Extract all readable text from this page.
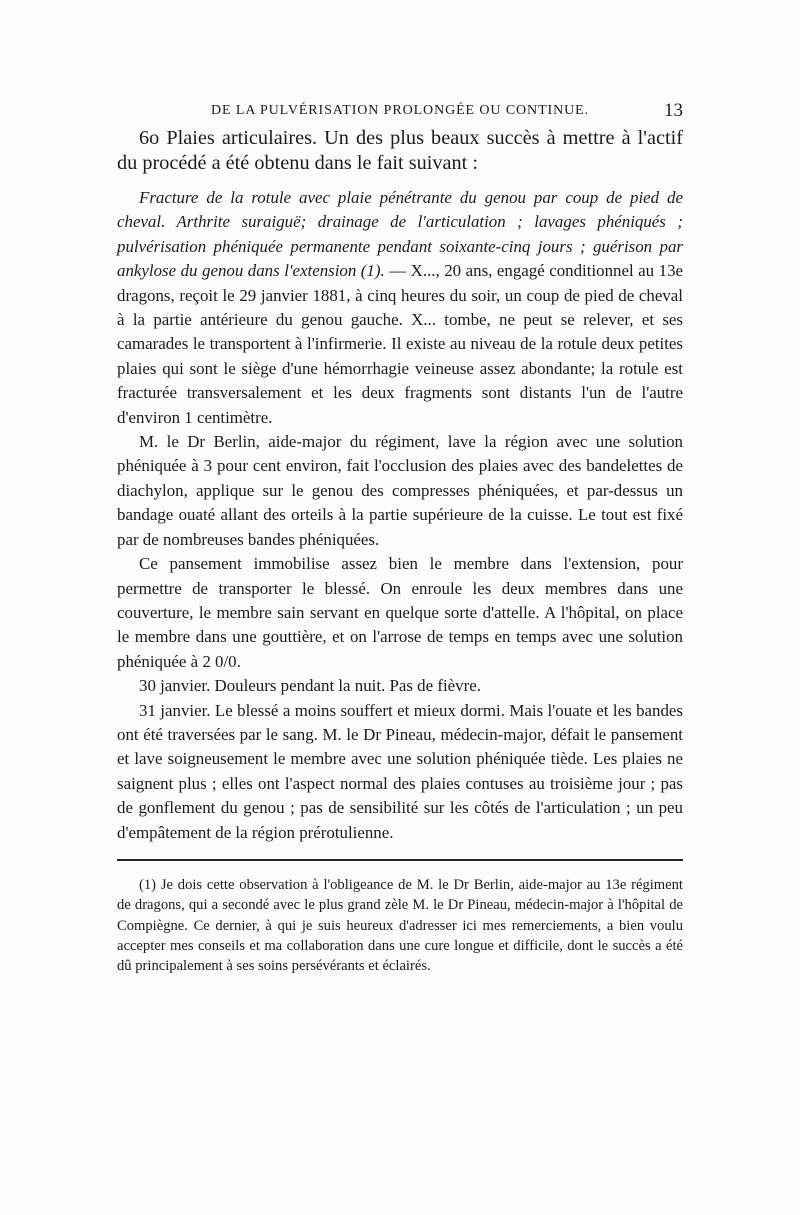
DE LA PULVÉRISATION PROLONGÉE OU CONTINUE.	13

6o Plaies articulaires. Un des plus beaux succès à mettre à l'actif du procédé a été obtenu dans le fait suivant :

Fracture de la rotule avec plaie pénétrante du genou par coup de pied de cheval. Arthrite suraiguë; drainage de l'articulation ; lavages phéniqués ; pulvérisation phéniquée permanente pendant soixante-cinq jours ; guérison par ankylose du genou dans l'extension (1). — X..., 20 ans, engagé conditionnel au 13e dragons, reçoit le 29 janvier 1881, à cinq heures du soir, un coup de pied de cheval à la partie antérieure du genou gauche. X... tombe, ne peut se relever, et ses camarades le transportent à l'infirmerie. Il existe au niveau de la rotule deux petites plaies qui sont le siège d'une hémorrhagie veineuse assez abondante; la rotule est fracturée transversalement et les deux fragments sont distants l'un de l'autre d'environ 1 centimètre.

M. le Dr Berlin, aide-major du régiment, lave la région avec une solution phéniquée à 3 pour cent environ, fait l'occlusion des plaies avec des bandelettes de diachylon, applique sur le genou des compresses phéniquées, et par-dessus un bandage ouaté allant des orteils à la partie supérieure de la cuisse. Le tout est fixé par de nombreuses bandes phéniquées.

Ce pansement immobilise assez bien le membre dans l'extension, pour permettre de transporter le blessé. On enroule les deux membres dans une couverture, le membre sain servant en quelque sorte d'attelle. A l'hôpital, on place le membre dans une gouttière, et on l'arrose de temps en temps avec une solution phéniquée à 2 0/0.

30 janvier. Douleurs pendant la nuit. Pas de fièvre.

31 janvier. Le blessé a moins souffert et mieux dormi. Mais l'ouate et les bandes ont été traversées par le sang. M. le Dr Pineau, médecin-major, défait le pansement et lave soigneusement le membre avec une solution phéniquée tiède. Les plaies ne saignent plus ; elles ont l'aspect normal des plaies contuses au troisième jour ; pas de gonflement du genou ; pas de sensibilité sur les côtés de l'articulation ; un peu d'empâtement de la région prérotulienne.

(1) Je dois cette observation à l'obligeance de M. le Dr Berlin, aide-major au 13e régiment de dragons, qui a secondé avec le plus grand zèle M. le Dr Pineau, médecin-major à l'hôpital de Compiègne. Ce dernier, à qui je suis heureux d'adresser ici mes remerciements, a bien voulu accepter mes conseils et ma collaboration dans une cure longue et difficile, dont le succès a été dû principalement à ses soins persévérants et éclairés.
